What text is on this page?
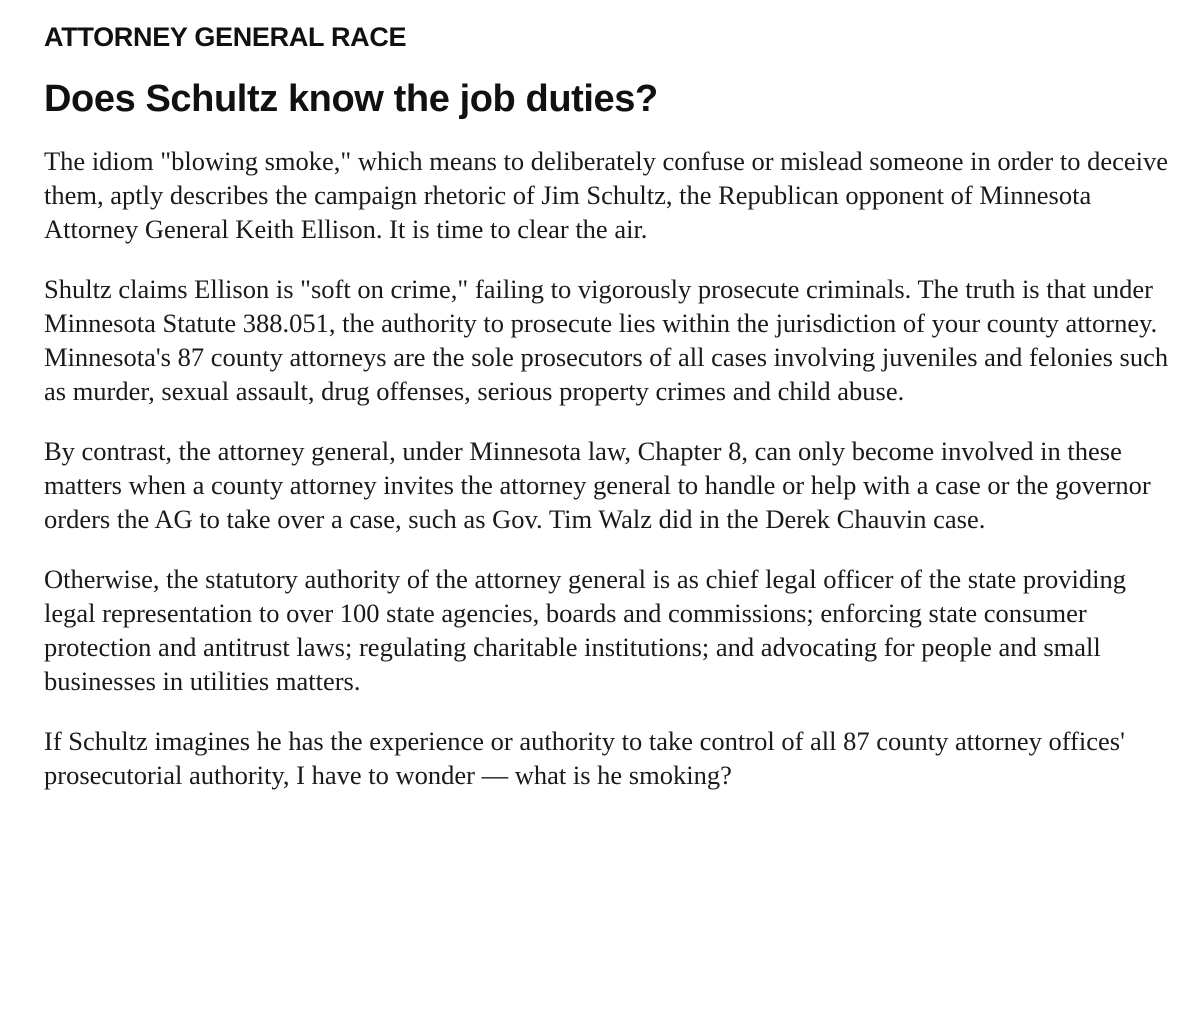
ATTORNEY GENERAL RACE
Does Schultz know the job duties?

The idiom "blowing smoke," which means to deliberately confuse or mislead someone in order to deceive them, aptly describes the campaign rhetoric of Jim Schultz, the Republican opponent of Minnesota Attorney General Keith Ellison. It is time to clear the air.

Shultz claims Ellison is "soft on crime," failing to vigorously prosecute criminals. The truth is that under Minnesota Statute 388.051, the authority to prosecute lies within the jurisdiction of your county attorney. Minnesota's 87 county attorneys are the sole prosecutors of all cases involving juveniles and felonies such as murder, sexual assault, drug offenses, serious property crimes and child abuse.

By contrast, the attorney general, under Minnesota law, Chapter 8, can only become involved in these matters when a county attorney invites the attorney general to handle or help with a case or the governor orders the AG to take over a case, such as Gov. Tim Walz did in the Derek Chauvin case.

Otherwise, the statutory authority of the attorney general is as chief legal officer of the state providing legal representation to over 100 state agencies, boards and commissions; enforcing state consumer protection and antitrust laws; regulating charitable institutions; and advocating for people and small businesses in utilities matters.

If Schultz imagines he has the experience or authority to take control of all 87 county attorney offices' prosecutorial authority, I have to wonder — what is he smoking?
